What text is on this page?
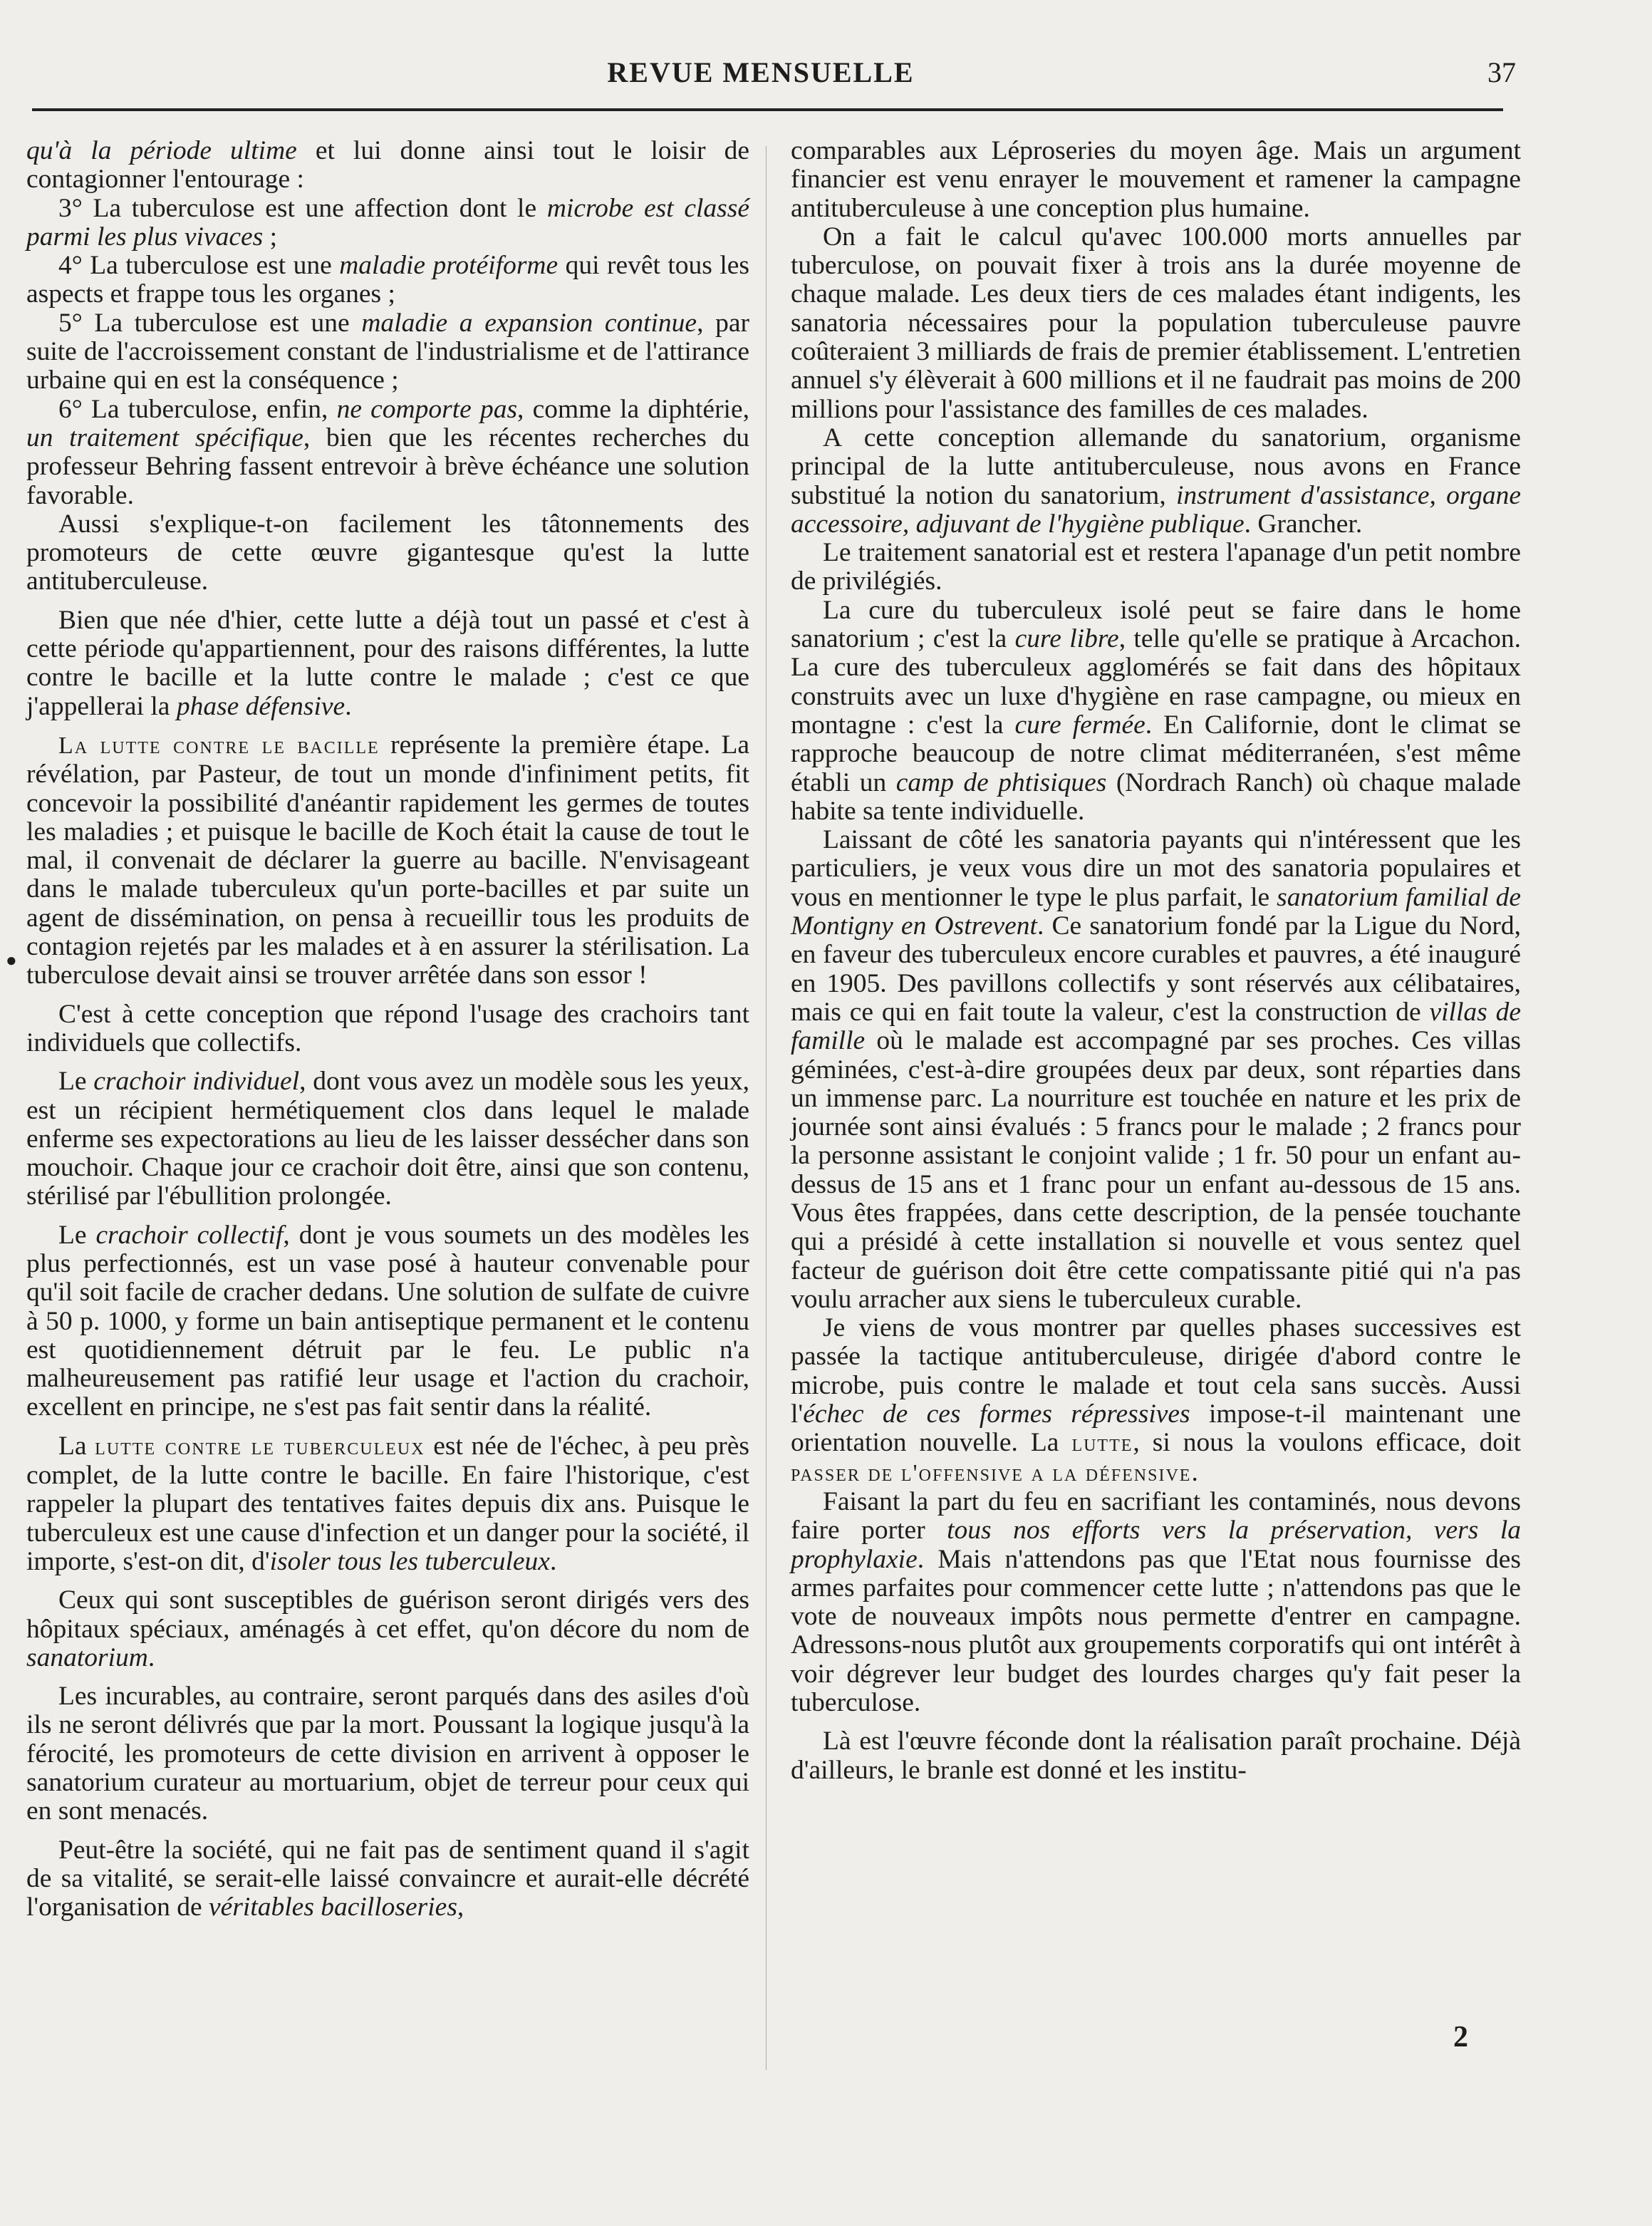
REVUE MENSUELLE	37
●

qu'à la période ultime et lui donne ainsi tout le loisir de contagionner l'entourage :

3° La tuberculose est une affection dont le microbe est classé parmi les plus vivaces ;

4° La tuberculose est une maladie protéiforme qui revêt tous les aspects et frappe tous les organes ;

5° La tuberculose est une maladie a expansion continue, par suite de l'accroissement constant de l'industrialisme et de l'attirance urbaine qui en est la conséquence ;

6° La tuberculose, enfin, ne comporte pas, comme la diphtérie, un traitement spécifique, bien que les récentes recherches du professeur Behring fassent entrevoir à brève échéance une solution favorable.

Aussi s'explique-t-on facilement les tâtonnements des promoteurs de cette œuvre gigantesque qu'est la lutte antituberculeuse.

Bien que née d'hier, cette lutte a déjà tout un passé et c'est à cette période qu'appartiennent, pour des raisons différentes, la lutte contre le bacille et la lutte contre le malade ; c'est ce que j'appellerai la phase défensive.

La lutte contre le bacille représente la première étape. La révélation, par Pasteur, de tout un monde d'infiniment petits, fit concevoir la possibilité d'anéantir rapidement les germes de toutes les maladies ; et puisque le bacille de Koch était la cause de tout le mal, il convenait de déclarer la guerre au bacille. N'envisageant dans le malade tuberculeux qu'un porte-bacilles et par suite un agent de dissémination, on pensa à recueillir tous les produits de contagion rejetés par les malades et à en assurer la stérilisation. La tuberculose devait ainsi se trouver arrêtée dans son essor !

C'est à cette conception que répond l'usage des crachoirs tant individuels que collectifs.

Le crachoir individuel, dont vous avez un modèle sous les yeux, est un récipient hermétiquement clos dans lequel le malade enferme ses expectorations au lieu de les laisser dessécher dans son mouchoir. Chaque jour ce crachoir doit être, ainsi que son contenu, stérilisé par l'ébullition prolongée.

Le crachoir collectif, dont je vous soumets un des modèles les plus perfectionnés, est un vase posé à hauteur convenable pour qu'il soit facile de cracher dedans. Une solution de sulfate de cuivre à 50 p. 1000, y forme un bain antiseptique permanent et le contenu est quotidiennement détruit par le feu. Le public n'a malheureusement pas ratifié leur usage et l'action du crachoir, excellent en principe, ne s'est pas fait sentir dans la réalité.

La lutte contre le tuberculeux est née de l'échec, à peu près complet, de la lutte contre le bacille. En faire l'historique, c'est rappeler la plupart des tentatives faites depuis dix ans. Puisque le tuberculeux est une cause d'infection et un danger pour la société, il importe, s'est-on dit, d'isoler tous les tuberculeux.

Ceux qui sont susceptibles de guérison seront dirigés vers des hôpitaux spéciaux, aménagés à cet effet, qu'on décore du nom de sanatorium.

Les incurables, au contraire, seront parqués dans des asiles d'où ils ne seront délivrés que par la mort. Poussant la logique jusqu'à la férocité, les promoteurs de cette division en arrivent à opposer le sanatorium curateur au mortuarium, objet de terreur pour ceux qui en sont menacés.

Peut-être la société, qui ne fait pas de sentiment quand il s'agit de sa vitalité, se serait-elle laissé convaincre et aurait-elle décrété l'organisation de véritables bacilloseries,

comparables aux Léproseries du moyen âge. Mais un argument financier est venu enrayer le mouvement et ramener la campagne antituberculeuse à une conception plus humaine.

On a fait le calcul qu'avec 100.000 morts annuelles par tuberculose, on pouvait fixer à trois ans la durée moyenne de chaque malade. Les deux tiers de ces malades étant indigents, les sanatoria nécessaires pour la population tuberculeuse pauvre coûteraient 3 milliards de frais de premier établissement. L'entretien annuel s'y élèverait à 600 millions et il ne faudrait pas moins de 200 millions pour l'assistance des familles de ces malades.

A cette conception allemande du sanatorium, organisme principal de la lutte antituberculeuse, nous avons en France substitué la notion du sanatorium, instrument d'assistance, organe accessoire, adjuvant de l'hygiène publique. Grancher.

Le traitement sanatorial est et restera l'apanage d'un petit nombre de privilégiés.

La cure du tuberculeux isolé peut se faire dans le home sanatorium ; c'est la cure libre, telle qu'elle se pratique à Arcachon. La cure des tuberculeux agglomérés se fait dans des hôpitaux construits avec un luxe d'hygiène en rase campagne, ou mieux en montagne : c'est la cure fermée. En Californie, dont le climat se rapproche beaucoup de notre climat méditerranéen, s'est même établi un camp de phtisiques (Nordrach Ranch) où chaque malade habite sa tente individuelle.

Laissant de côté les sanatoria payants qui n'intéressent que les particuliers, je veux vous dire un mot des sanatoria populaires et vous en mentionner le type le plus parfait, le sanatorium familial de Montigny en Ostrevent. Ce sanatorium fondé par la Ligue du Nord, en faveur des tuberculeux encore curables et pauvres, a été inauguré en 1905. Des pavillons collectifs y sont réservés aux célibataires, mais ce qui en fait toute la valeur, c'est la construction de villas de famille où le malade est accompagné par ses proches. Ces villas géminées, c'est-à-dire groupées deux par deux, sont réparties dans un immense parc. La nourriture est touchée en nature et les prix de journée sont ainsi évalués : 5 francs pour le malade ; 2 francs pour la personne assistant le conjoint valide ; 1 fr. 50 pour un enfant au-dessus de 15 ans et 1 franc pour un enfant au-dessous de 15 ans. Vous êtes frappées, dans cette description, de la pensée touchante qui a présidé à cette installation si nouvelle et vous sentez quel facteur de guérison doit être cette compatissante pitié qui n'a pas voulu arracher aux siens le tuberculeux curable.

Je viens de vous montrer par quelles phases successives est passée la tactique antituberculeuse, dirigée d'abord contre le microbe, puis contre le malade et tout cela sans succès. Aussi l'échec de ces formes répressives impose-t-il maintenant une orientation nouvelle. La lutte, si nous la voulons efficace, doit passer de l'offensive a la défensive.

Faisant la part du feu en sacrifiant les contaminés, nous devons faire porter tous nos efforts vers la préservation, vers la prophylaxie. Mais n'attendons pas que l'Etat nous fournisse des armes parfaites pour commencer cette lutte ; n'attendons pas que le vote de nouveaux impôts nous permette d'entrer en campagne. Adressons-nous plutôt aux groupements corporatifs qui ont intérêt à voir dégrever leur budget des lourdes charges qu'y fait peser la tuberculose.

Là est l'œuvre féconde dont la réalisation paraît prochaine. Déjà d'ailleurs, le branle est donné et les institu-

2
